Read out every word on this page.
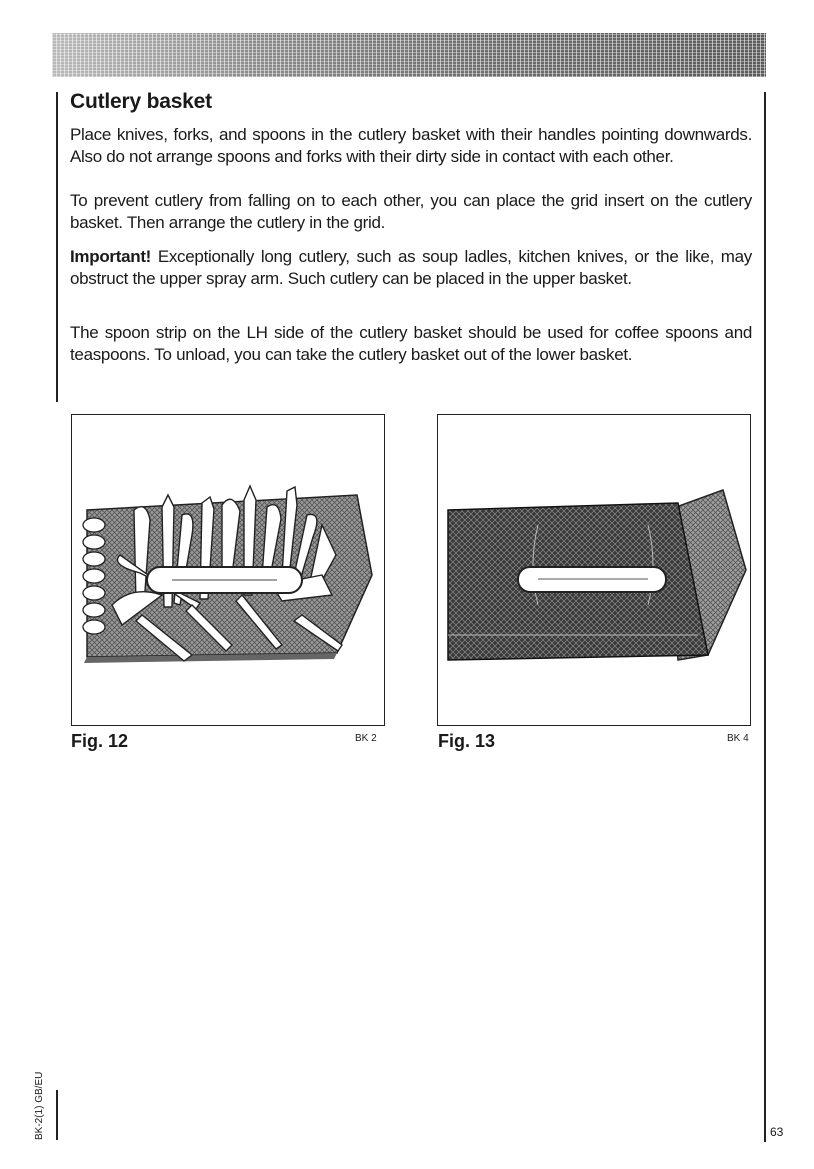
Cutlery basket

Place knives, forks, and spoons in the cutlery basket with their handles pointing downwards. Also do not arrange spoons and forks with their dirty side in contact with each other.

To prevent cutlery from falling on to each other, you can place the grid insert on the cutlery basket. Then arrange the cutlery in the grid.

Important! Exceptionally long cutlery, such as soup ladles, kitchen knives, or the like, may obstruct the upper spray arm. Such cutlery can be placed in the upper basket.

The spoon strip on the LH side of the cutlery basket should be used for coffee spoons and teaspoons. To unload, you can take the cutlery basket out of the lower basket.

Fig. 12	BK 2	Fig. 13	BK 4

BK-2(1) GB/EU	63
